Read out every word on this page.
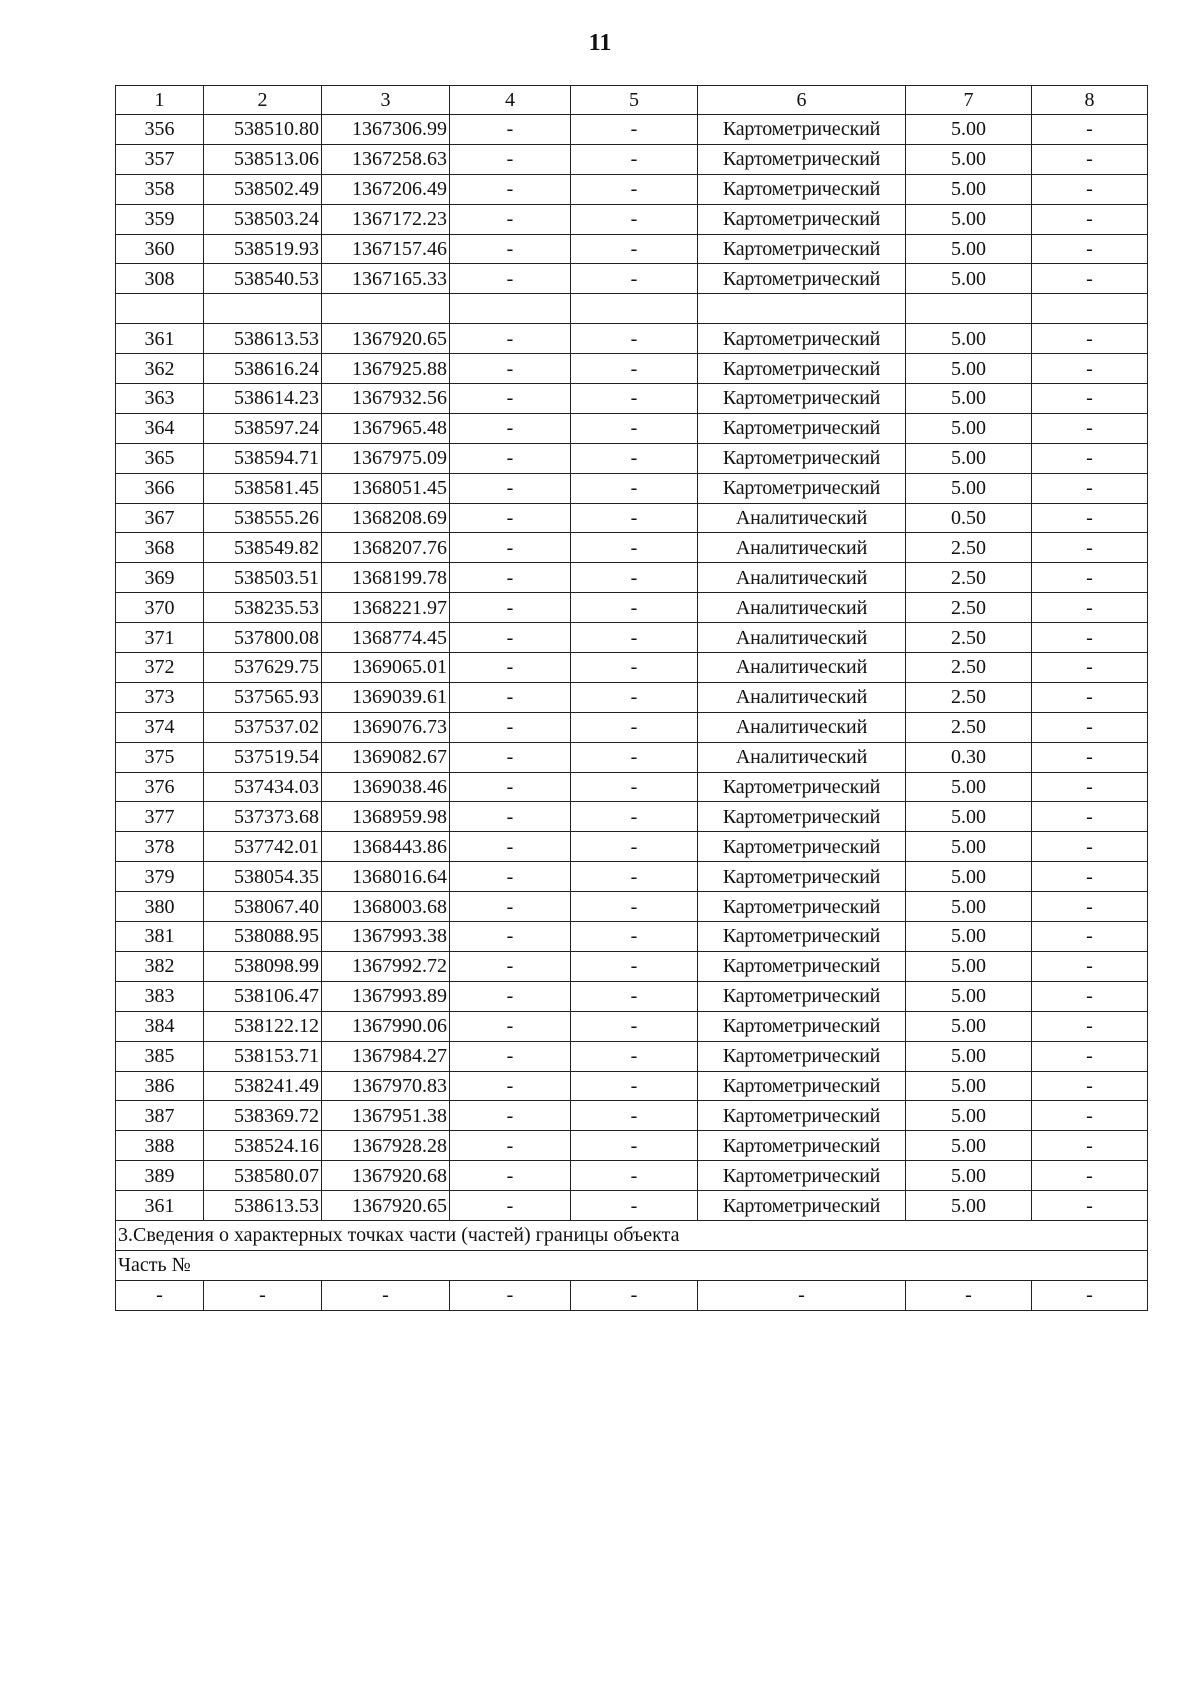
11
1	2	3	4	5	6	7	8
356	538510.80	1367306.99	-	-	Картометрический	5.00	-
357	538513.06	1367258.63	-	-	Картометрический	5.00	-
358	538502.49	1367206.49	-	-	Картометрический	5.00	-
359	538503.24	1367172.23	-	-	Картометрический	5.00	-
360	538519.93	1367157.46	-	-	Картометрический	5.00	-
308	538540.53	1367165.33	-	-	Картометрический	5.00	-

361	538613.53	1367920.65	-	-	Картометрический	5.00	-
362	538616.24	1367925.88	-	-	Картометрический	5.00	-
363	538614.23	1367932.56	-	-	Картометрический	5.00	-
364	538597.24	1367965.48	-	-	Картометрический	5.00	-
365	538594.71	1367975.09	-	-	Картометрический	5.00	-
366	538581.45	1368051.45	-	-	Картометрический	5.00	-
367	538555.26	1368208.69	-	-	Аналитический	0.50	-
368	538549.82	1368207.76	-	-	Аналитический	2.50	-
369	538503.51	1368199.78	-	-	Аналитический	2.50	-
370	538235.53	1368221.97	-	-	Аналитический	2.50	-
371	537800.08	1368774.45	-	-	Аналитический	2.50	-
372	537629.75	1369065.01	-	-	Аналитический	2.50	-
373	537565.93	1369039.61	-	-	Аналитический	2.50	-
374	537537.02	1369076.73	-	-	Аналитический	2.50	-
375	537519.54	1369082.67	-	-	Аналитический	0.30	-
376	537434.03	1369038.46	-	-	Картометрический	5.00	-
377	537373.68	1368959.98	-	-	Картометрический	5.00	-
378	537742.01	1368443.86	-	-	Картометрический	5.00	-
379	538054.35	1368016.64	-	-	Картометрический	5.00	-
380	538067.40	1368003.68	-	-	Картометрический	5.00	-
381	538088.95	1367993.38	-	-	Картометрический	5.00	-
382	538098.99	1367992.72	-	-	Картометрический	5.00	-
383	538106.47	1367993.89	-	-	Картометрический	5.00	-
384	538122.12	1367990.06	-	-	Картометрический	5.00	-
385	538153.71	1367984.27	-	-	Картометрический	5.00	-
386	538241.49	1367970.83	-	-	Картометрический	5.00	-
387	538369.72	1367951.38	-	-	Картометрический	5.00	-
388	538524.16	1367928.28	-	-	Картометрический	5.00	-
389	538580.07	1367920.68	-	-	Картометрический	5.00	-
361	538613.53	1367920.65	-	-	Картометрический	5.00	-
3.Сведения о характерных точках части (частей) границы объекта							
Часть №							
-	-	-	-	-	-	-	-
